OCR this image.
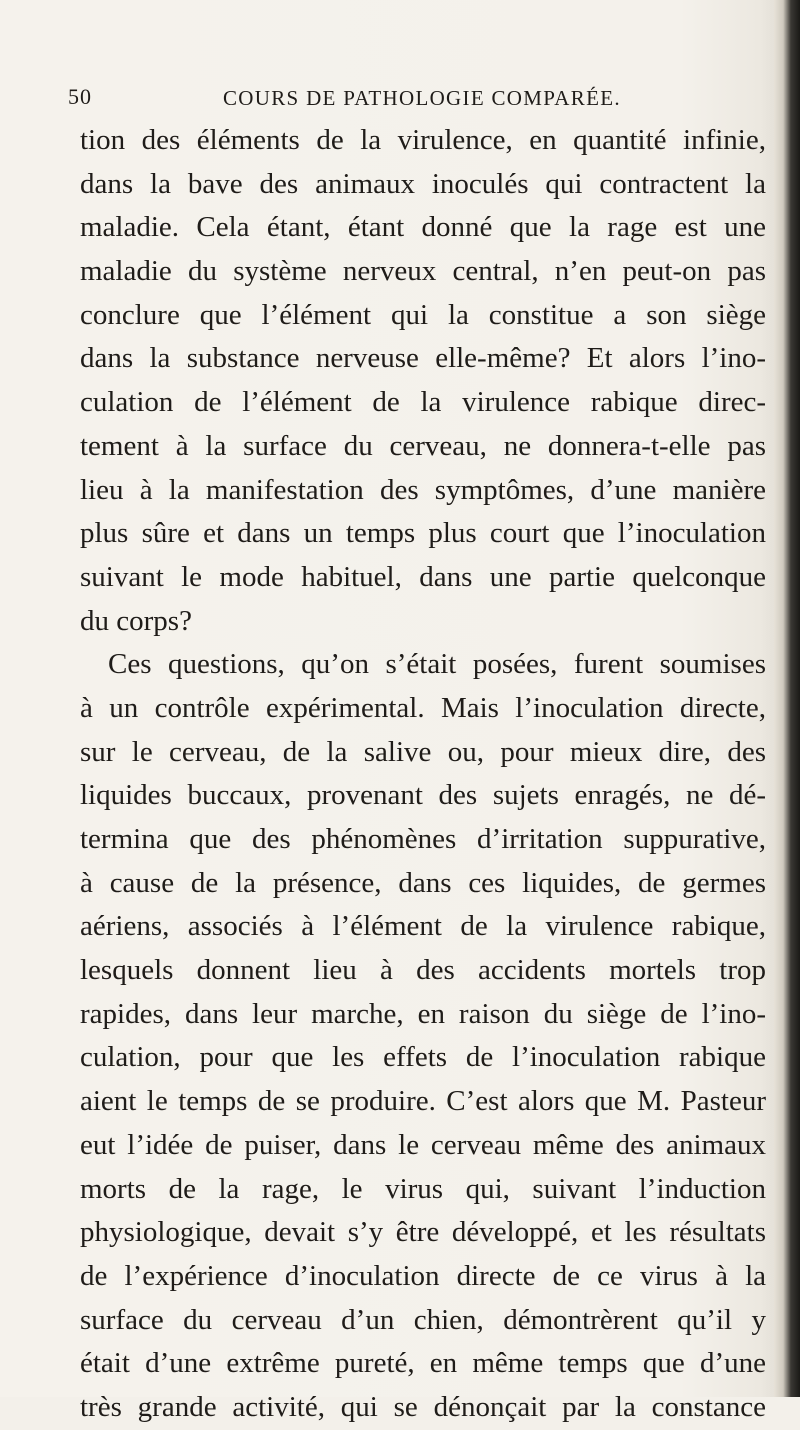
50	COURS DE PATHOLOGIE COMPARÉE.
tion des éléments de la virulence, en quantité infinie,
dans la bave des animaux inoculés qui contractent la
maladie. Cela étant, étant donné que la rage est une
maladie du système nerveux central, n’en peut-on pas
conclure que l’élément qui la constitue a son siège
dans la substance nerveuse elle-même? Et alors l’ino-
culation de l’élément de la virulence rabique direc-
tement à la surface du cerveau, ne donnera-t-elle pas
lieu à la manifestation des symptômes, d’une manière
plus sûre et dans un temps plus court que l’inoculation
suivant le mode habituel, dans une partie quelconque
du corps?
Ces questions, qu’on s’était posées, furent soumises
à un contrôle expérimental. Mais l’inoculation directe,
sur le cerveau, de la salive ou, pour mieux dire, des
liquides buccaux, provenant des sujets enragés, ne dé-
termina que des phénomènes d’irritation suppurative,
à cause de la présence, dans ces liquides, de germes
aériens, associés à l’élément de la virulence rabique,
lesquels donnent lieu à des accidents mortels trop
rapides, dans leur marche, en raison du siège de l’ino-
culation, pour que les effets de l’inoculation rabique
aient le temps de se produire. C’est alors que M. Pasteur
eut l’idée de puiser, dans le cerveau même des animaux
morts de la rage, le virus qui, suivant l’induction
physiologique, devait s’y être développé, et les résultats
de l’expérience d’inoculation directe de ce virus à la
surface du cerveau d’un chien, démontrèrent qu’il y
était d’une extrême pureté, en même temps que d’une
très grande activité, qui se dénonçait par la constance
